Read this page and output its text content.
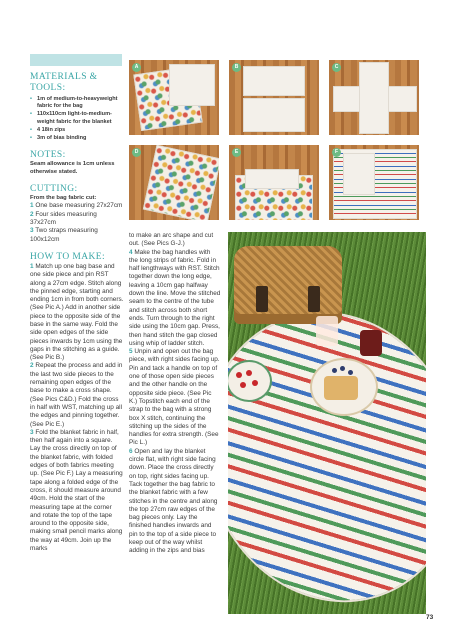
MATERIALS & TOOLS:
• 1m of medium-to-heavyweight fabric for the bag
• 110x110cm light-to-medium-weight fabric for the blanket
• 4 18in zips
• 3m of bias binding
NOTES:

Seam allowance is 1cm unless otherwise stated.

CUTTING:

From the bag fabric cut:

1 One base measuring 27x27cm

2 Four sides measuring 37x27cm

3 Two straps measuring 100x12cm

HOW TO MAKE:

1 Match up one bag base and one side piece and pin RST along a 27cm edge. Stitch along the pinned edge, starting and ending 1cm in from both corners. (See Pic A.) Add in another side piece to the opposite side of the base in the same way. Fold the side open edges of the side pieces inwards by 1cm using the gaps in the stitching as a guide. (See Pic B.)

2 Repeat the process and add in the last two side pieces to the remaining open edges of the base to make a cross shape. (See Pics C&D.) Fold the cross in half with WST, matching up all the edges and pinning together. (See Pic E.)

3 Fold the blanket fabric in half, then half again into a square. Lay the cross directly on top of the blanket fabric, with folded edges of both fabrics meeting up. (See Pic F.) Lay a measuring tape along a folded edge of the cross, it should measure around 49cm. Hold the start of the measuring tape at the corner and rotate the top of the tape around to the opposite side, making small pencil marks along the way at 49cm. Join up the marks

to make an arc shape and cut out. (See Pics G-J.)

4 Make the bag handles with the long strips of fabric. Fold in half lengthways with RST. Stitch together down the long edge, leaving a 10cm gap halfway down the line. Move the stitched seam to the centre of the tube and stitch across both short ends. Turn through to the right side using the 10cm gap. Press, then hand stitch the gap closed using whip of ladder stitch.

5 Unpin and open out the bag piece, with right sides facing up. Pin and tack a handle on top of one of those open side pieces and the other handle on the opposite side piece. (See Pic K.) Topstitch each end of the strap to the bag with a strong box X stitch, continuing the stitching up the sides of the handles for extra strength. (See Pic L.)

6 Open and lay the blanket circle flat, with right side facing down. Place the cross directly on top, right sides facing up. Tack together the bag fabric to the blanket fabric with a few stitches in the centre and along the top 27cm raw edges of the bag pieces only. Lay the finished handles inwards and pin to the top of a side piece to keep out of the way whilst adding in the zips and bias

A	B	C
D	E	F
73
